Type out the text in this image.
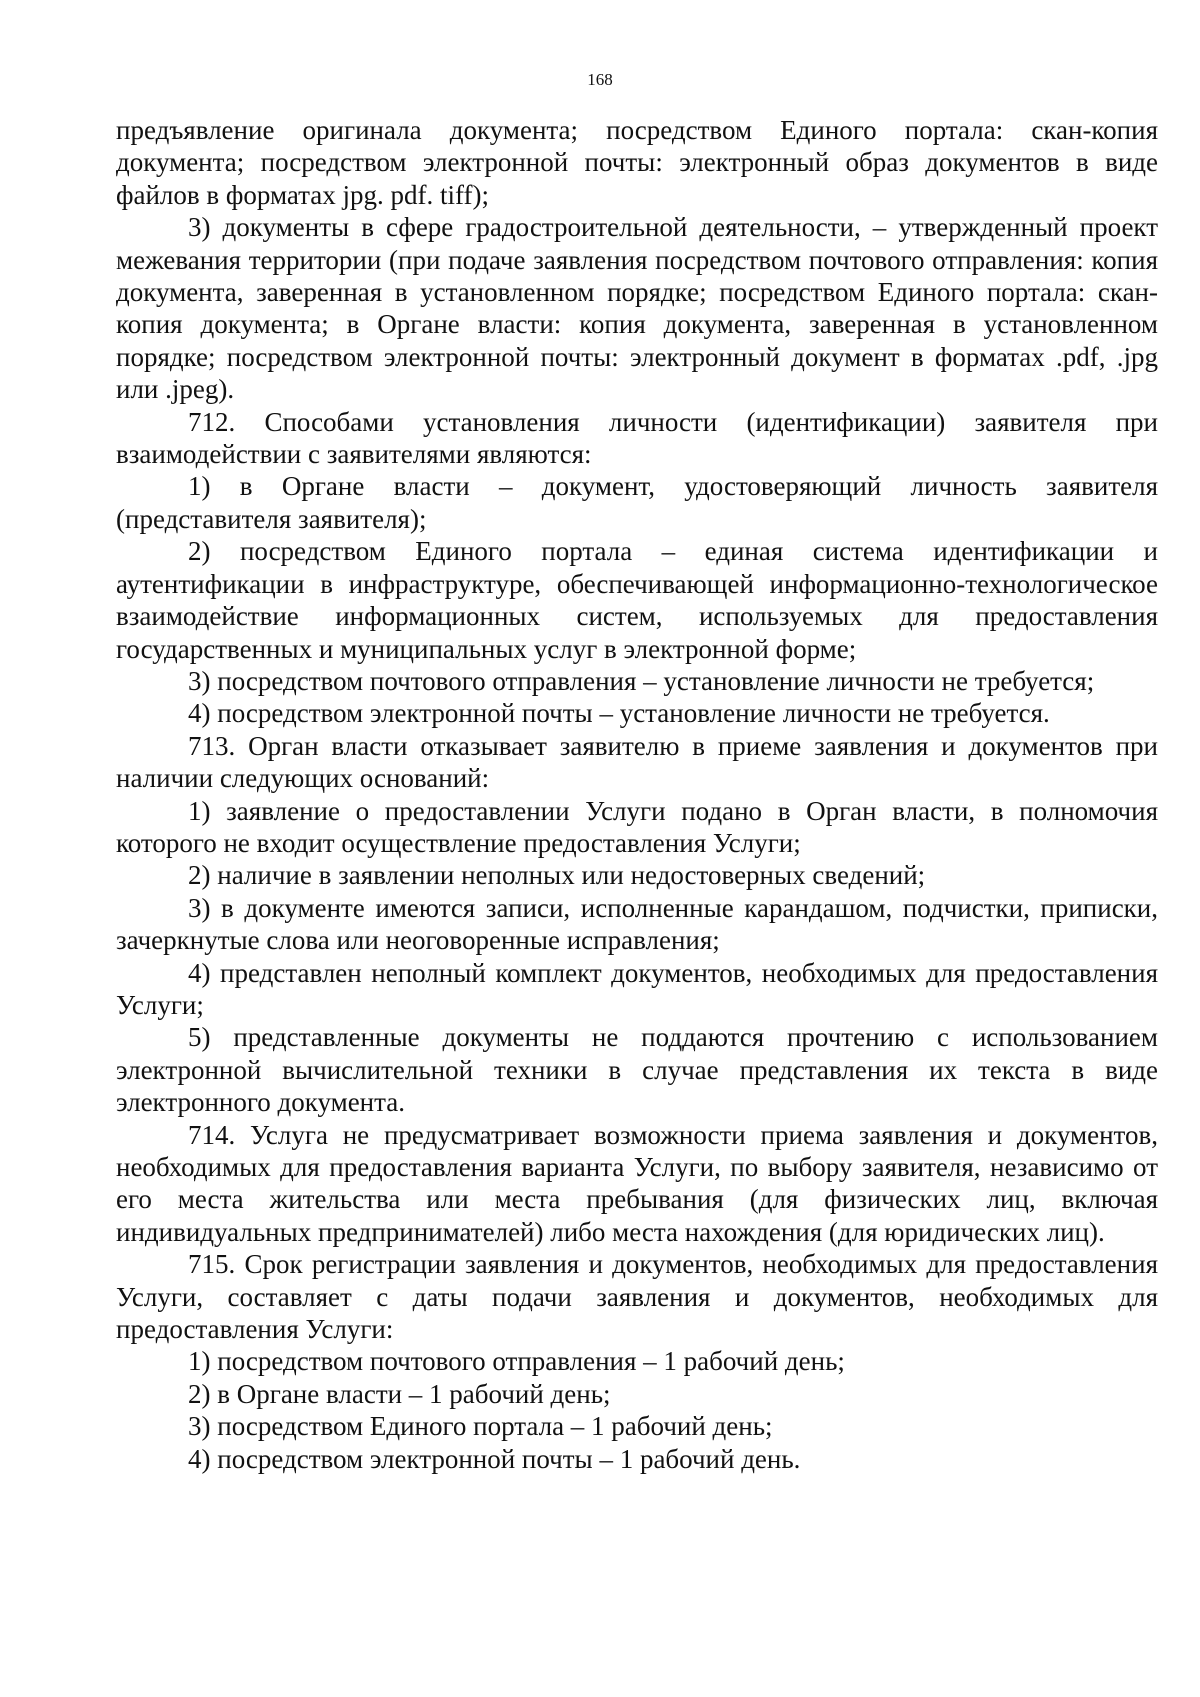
168

предъявление оригинала документа; посредством Единого портала: скан-копия документа; посредством электронной почты: электронный образ документов в виде файлов в форматах jpg. pdf. tiff);

3) документы в сфере градостроительной деятельности, – утвержденный проект межевания территории (при подаче заявления посредством почтового отправления: копия документа, заверенная в установленном порядке; посредством Единого портала: скан-копия документа; в Органе власти: копия документа, заверенная в установленном порядке; посредством электронной почты: электронный документ в форматах .pdf, .jpg или .jpeg).

712. Способами установления личности (идентификации) заявителя при взаимодействии с заявителями являются:

1) в Органе власти – документ, удостоверяющий личность заявителя (представителя заявителя);

2) посредством Единого портала – единая система идентификации и аутентификации в инфраструктуре, обеспечивающей информационно-технологическое взаимодействие информационных систем, используемых для предоставления государственных и муниципальных услуг в электронной форме;

3) посредством почтового отправления – установление личности не требуется;

4) посредством электронной почты – установление личности не требуется.

713. Орган власти отказывает заявителю в приеме заявления и документов при наличии следующих оснований:

1) заявление о предоставлении Услуги подано в Орган власти, в полномочия которого не входит осуществление предоставления Услуги;

2) наличие в заявлении неполных или недостоверных сведений;

3) в документе имеются записи, исполненные карандашом, подчистки, приписки, зачеркнутые слова или неоговоренные исправления;

4) представлен неполный комплект документов, необходимых для предоставления Услуги;

5) представленные документы не поддаются прочтению с использованием электронной вычислительной техники в случае представления их текста в виде электронного документа.

714. Услуга не предусматривает возможности приема заявления и документов, необходимых для предоставления варианта Услуги, по выбору заявителя, независимо от его места жительства или места пребывания (для физических лиц, включая индивидуальных предпринимателей) либо места нахождения (для юридических лиц).

715. Срок регистрации заявления и документов, необходимых для предоставления Услуги, составляет с даты подачи заявления и документов, необходимых для предоставления Услуги:

1) посредством почтового отправления – 1 рабочий день;

2) в Органе власти – 1 рабочий день;

3) посредством Единого портала – 1 рабочий день;

4) посредством электронной почты – 1 рабочий день.
